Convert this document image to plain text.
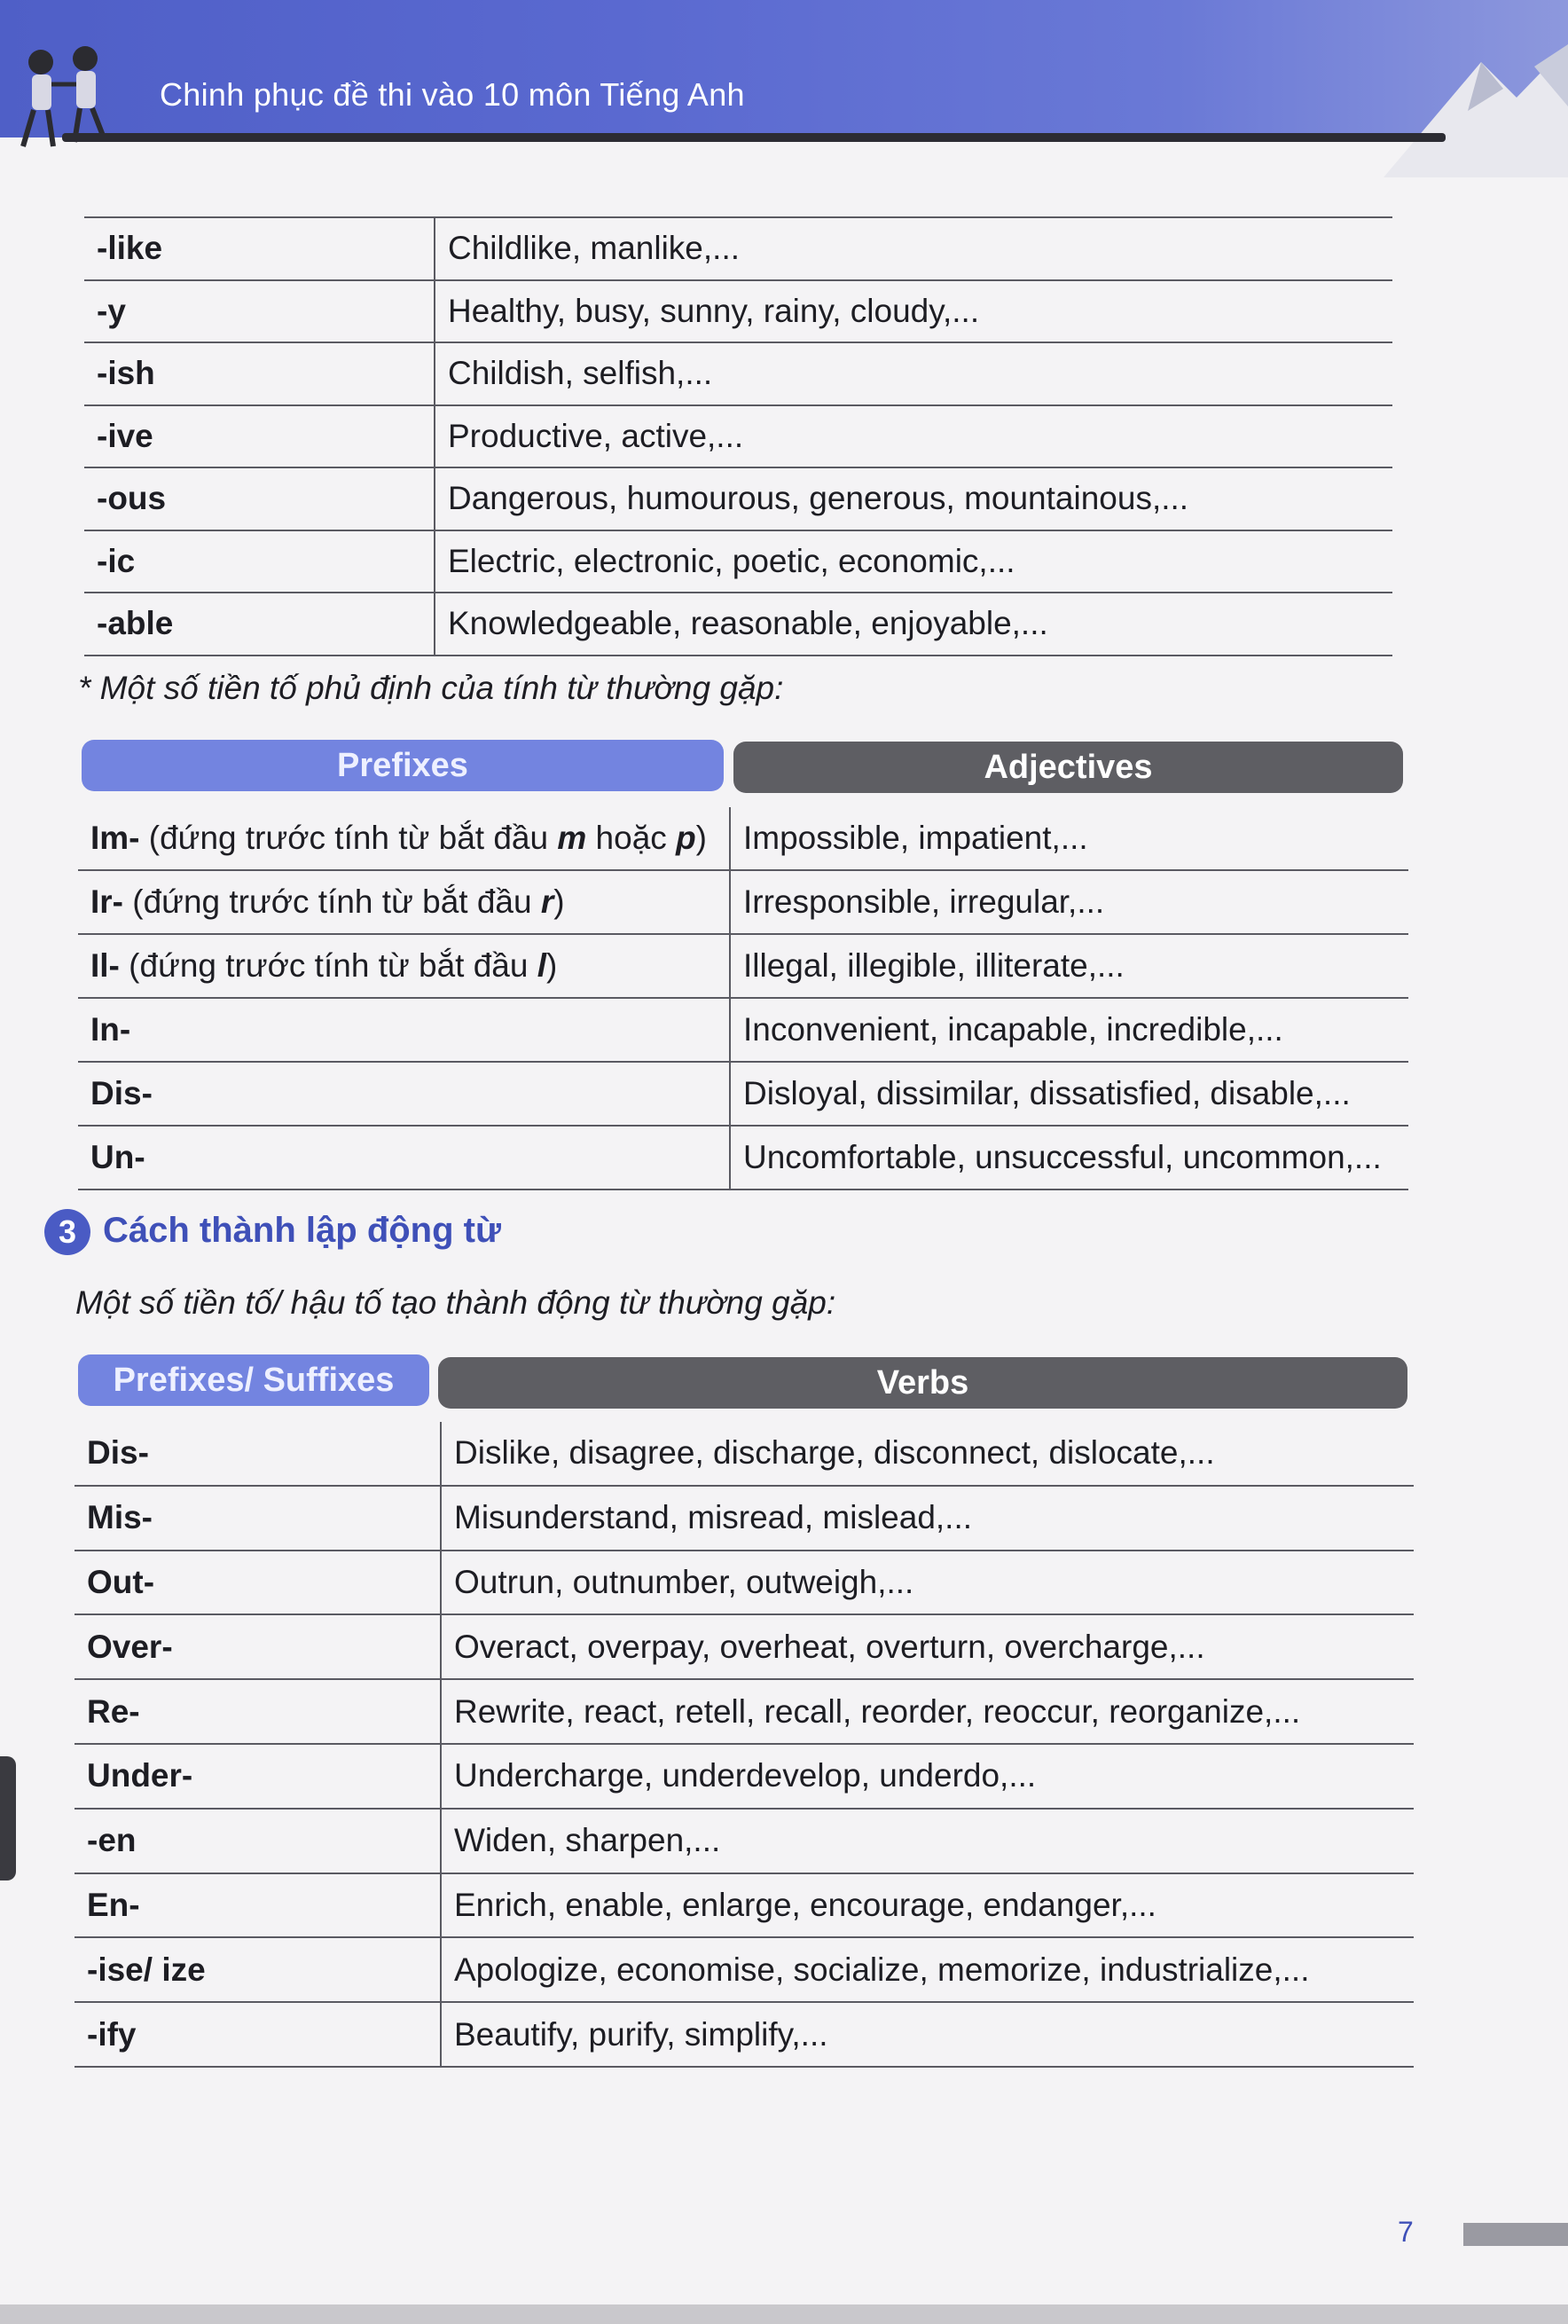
Chinh phục đề thi vào 10 môn Tiếng Anh
-like	Childlike, manlike,...
-y	Healthy, busy, sunny, rainy, cloudy,...
-ish	Childish, selfish,...
-ive	Productive, active,...
-ous	Dangerous, humourous, generous, mountainous,...
-ic	Electric, electronic, poetic, economic,...
-able	Knowledgeable, reasonable, enjoyable,...
* Một số tiền tố phủ định của tính từ thường gặp:
Prefixes	Adjectives
Im- (đứng trước tính từ bắt đầu m hoặc p)	Impossible, impatient,...
Ir- (đứng trước tính từ bắt đầu r)	Irresponsible, irregular,...
Il- (đứng trước tính từ bắt đầu l)	Illegal, illegible, illiterate,...
In-	Inconvenient, incapable, incredible,...
Dis-	Disloyal, dissimilar, dissatisfied, disable,...
Un-	Uncomfortable, unsuccessful, uncommon,...
3 Cách thành lập động từ
Một số tiền tố/ hậu tố tạo thành động từ thường gặp:
Prefixes/ Suffixes	Verbs
Dis-	Dislike, disagree, discharge, disconnect, dislocate,...
Mis-	Misunderstand, misread, mislead,...
Out-	Outrun, outnumber, outweigh,...
Over-	Overact, overpay, overheat, overturn, overcharge,...
Re-	Rewrite, react, retell, recall, reorder, reoccur, reorganize,...
Under-	Undercharge, underdevelop, underdo,...
-en	Widen, sharpen,...
En-	Enrich, enable, enlarge, encourage, endanger,...
-ise/ ize	Apologize, economise, socialize, memorize, industrialize,...
-ify	Beautify, purify, simplify,...
7
